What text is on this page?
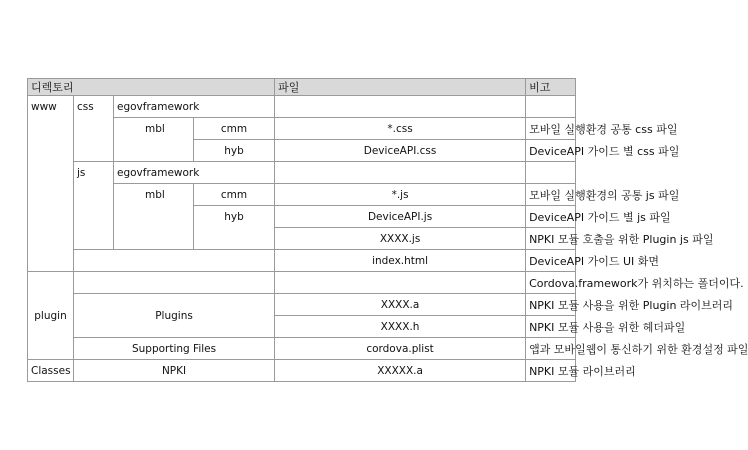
디렉토리					파일	비고	
www	css	egovframework					
			mbl	cmm	*.css	모바일 실행환경 공통 css 파일	
				hyb	DeviceAPI.css	DeviceAPI 가이드 별 css 파일	
	js	egovframework					
			mbl	cmm	*.js	모바일 실행환경의 공통 js 파일	
				hyb	DeviceAPI.js	DeviceAPI 가이드 별 js 파일	
					XXXX.js	NPKI 모듈 호출을 위한 Plugin js 파일	
					index.html	DeviceAPI 가이드 UI 화면	
plugin						Cordova.framework가 위치하는 폴더이다.	
	Plugins				XXXX.a	NPKI 모듈 사용을 위한 Plugin 라이브러리	
					XXXX.h	NPKI 모듈 사용을 위한 헤더파일	
	Supporting Files				cordova.plist	앱과 모바일웹이 통신하기 위한 환경설정 파일	
Classes	NPKI				XXXXX.a	NPKI 모듈 라이브러리	
